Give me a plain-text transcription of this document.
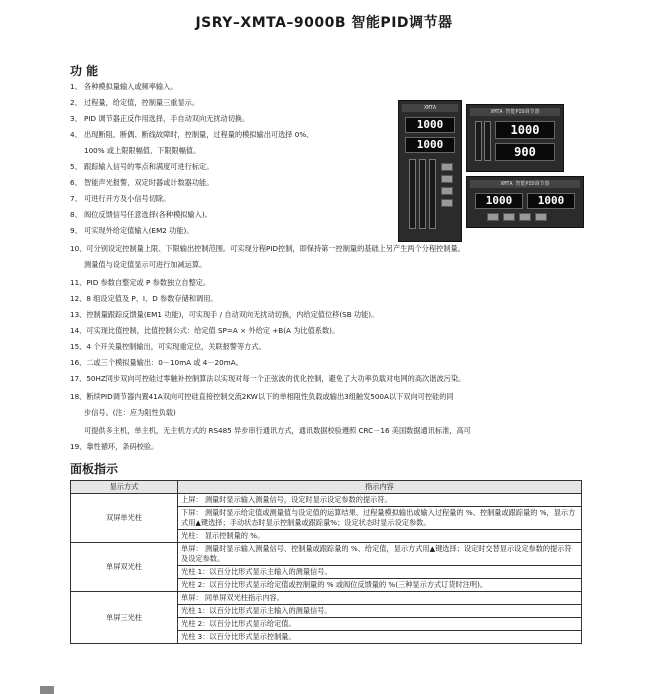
JSRY–XMTA–9000B 智能PID调节器
功 能
1、 各种模拟量输入或频率输入。
2、 过程量，给定值，控制量三重显示。
3、 PID 调节器正反作用选择，手自动双向无扰动切换。
4、 出现断阻、断偶、断线故障时，控制量，过程量的模拟输出可选择 0%、
100% 或上限限幅值、下限限幅值。
5、 跟踪输入信号的零点和满度可进行标定。
6、 智能声光报警，双定时器或计数器功能。
7、 可进行开方及小信号切除。
8、 阀位反馈信号任意选择(各种模拟输入)。
9、 可实现外给定值输入(EM2 功能)。
10、可分别设定控制量上限、下限输出控制范围。可实现分程PID控制，即保持第一控制量的基础上另产生两个分程控制量。
测量值与设定值显示可进行加减运算。
11、PID 参数自整定或 P 参数独立自整定。
12、8 组设定值及 P、I、D 参数存储和调用。
13、控制量跟踪反馈量(EM1 功能)，可实现手 / 自动双向无扰动切换，内给定值位移(SB 功能)。
14、可实现比值控制，比值控制公式：给定值 SP=A × 外给定 +B(A 为比值系数)。
15、4 个开关量控制输出，可实现重定位，关联报警等方式。
16、二或三个模拟量输出：0－10mA 或 4－20mA。
17、50HZ同步双向可控硅过零触补控制算法以实现对每一个正弦波的优化控制，避免了大功率负载对电网的高次谐波污染。
18、断续PID调节器内置41A双向可控硅直接控制交流2KW以下的单相阻性负载或输出3组触发500A以下双向可控硅的同
步信号。(注：应为阻性负载)
可提供多主机，单主机，无主机方式的 RS485 异步串行通讯方式，通讯数据校验遵照 CRC－16 美国数据通讯标准，高可
19、靠性循环，条码校验。
XMTA
1000
1000
XMTA 智能PID调节器
1000
900
XMTA 智能PID调节器
1000	1000
面板指示
显示方式	指示内容
双屏单光柱	上屏： 测量时显示输入测量信号，设定时显示设定参数的提示符。
	下屏： 测量时显示给定值或测量值与设定值的运算结果、过程量模拟输出或输入过程量的 %、控制量或跟踪量的 %，显示方式用▲键选择；手动状态时显示控制量或跟踪量%；设定状态时显示设定参数。
	光柱： 显示控制量的 %。
单屏双光柱	单屏： 测量时显示输入测量信号、控制量或跟踪量的 %、给定值，显示方式用▲键选择；设定时交替显示设定参数的提示符及设定参数。
	光柱 1：以百分比形式显示主输入的测量信号。
	光柱 2：以百分比形式显示给定值或控制量的 % 或阀位反馈量的 %(三种显示方式订货时注明)。
单屏三光柱	单屏： 同单屏双光柱指示内容。
	光柱 1：以百分比形式显示主输入的测量信号。
	光柱 2：以百分比形式显示给定值。
	光柱 3：以百分比形式显示控制量。
